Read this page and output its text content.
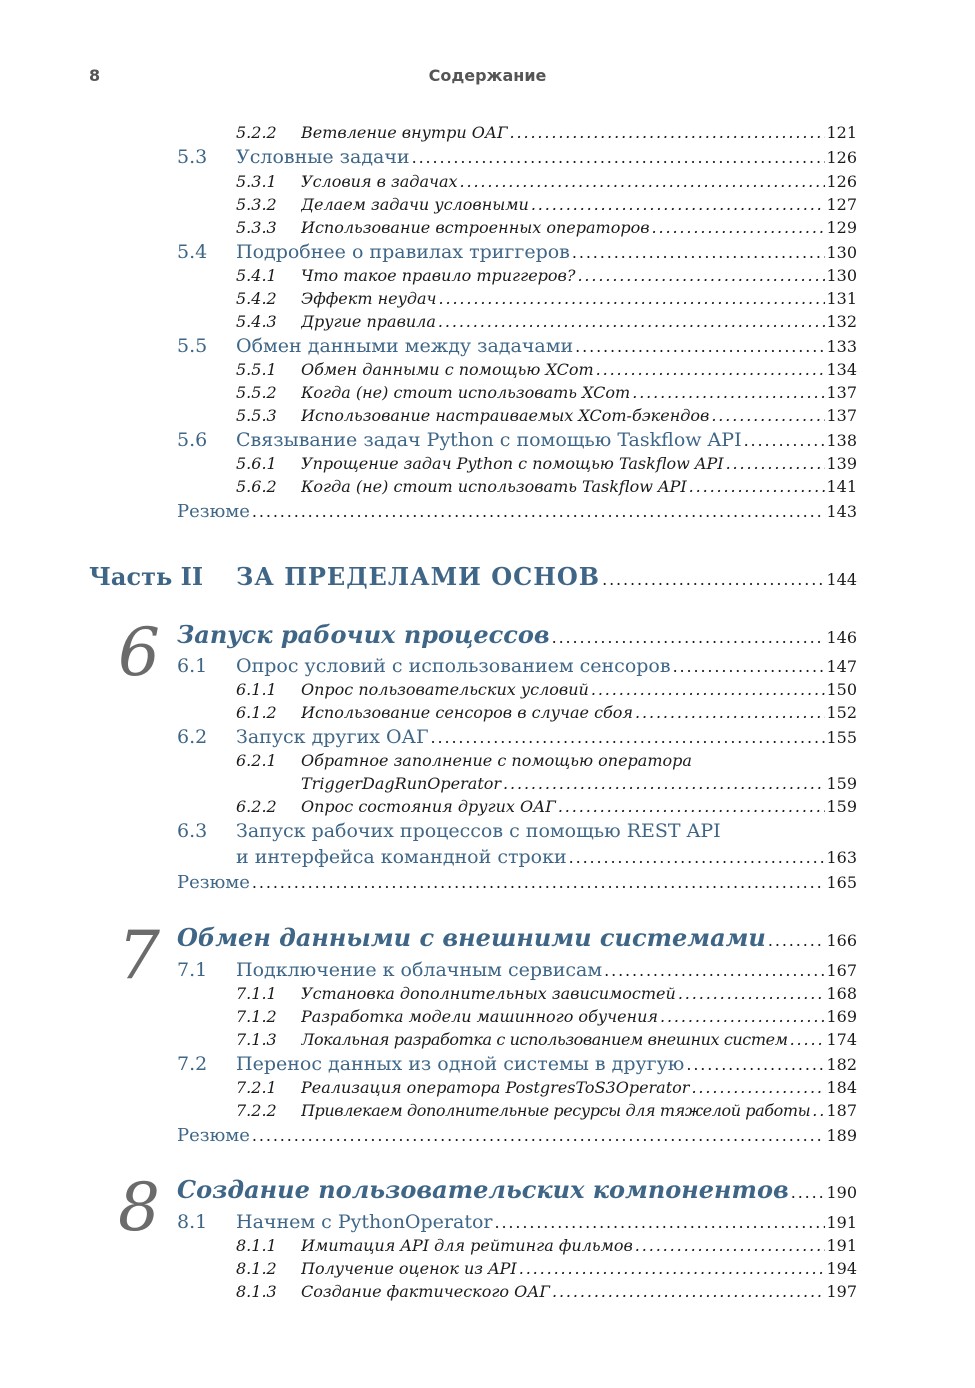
8	Содержание
5.2.2	Ветвление внутри ОАГ . . .	121
5.3	Условные задачи . . .	126
5.3.1	Условия в задачах . . .	126
5.3.2	Делаем задачи условными . . .	127
5.3.3	Использование встроенных операторов . . .	129
5.4	Подробнее о правилах триггеров . . .	130
5.4.1	Что такое правило триггеров? . . .	130
5.4.2	Эффект неудач . . .	131
5.4.3	Другие правила . . .	132
5.5	Обмен данными между задачами . . .	133
5.5.1	Обмен данными с помощью XCom . . .	134
5.5.2	Когда (не) стоит использовать XCom . . .	137
5.5.3	Использование настраиваемых XCom-бэкендов . . .	137
5.6	Связывание задач Python с помощью Taskflow API . . .	138
5.6.1	Упрощение задач Python с помощью Taskflow API . . .	139
5.6.2	Когда (не) стоит использовать Taskflow API . . .	141
Резюме . . .	143
Часть II ЗА ПРЕДЕЛАМИ ОСНОВ . . .	144
6 Запуск рабочих процессов . . .	146
6.1	Опрос условий с использованием сенсоров . . .	147
6.1.1	Опрос пользовательских условий . . .	150
6.1.2	Использование сенсоров в случае сбоя . . .	152
6.2	Запуск других ОАГ . . .	155
6.2.1	Обратное заполнение с помощью оператора
TriggerDagRunOperator . . .	159
6.2.2	Опрос состояния других ОАГ . . .	159
6.3	Запуск рабочих процессов с помощью REST API
и интерфейса командной строки . . .	163
Резюме . . .	165
7 Обмен данными с внешними системами . . .	166
7.1	Подключение к облачным сервисам . . .	167
7.1.1	Установка дополнительных зависимостей . . .	168
7.1.2	Разработка модели машинного обучения . . .	169
7.1.3	Локальная разработка с использованием внешних систем . . . 174
7.2	Перенос данных из одной системы в другую . . .	182
7.2.1	Реализация оператора PostgresToS3Operator . . .	184
7.2.2	Привлекаем дополнительные ресурсы для тяжелой работы . . . 187
Резюме . . .	189
8 Создание пользовательских компонентов . . . 190
8.1	Начнем с PythonOperator . . .	191
8.1.1	Имитация API для рейтинга фильмов . . .	191
8.1.2	Получение оценок из API . . .	194
8.1.3	Создание фактического ОАГ . . .	197
